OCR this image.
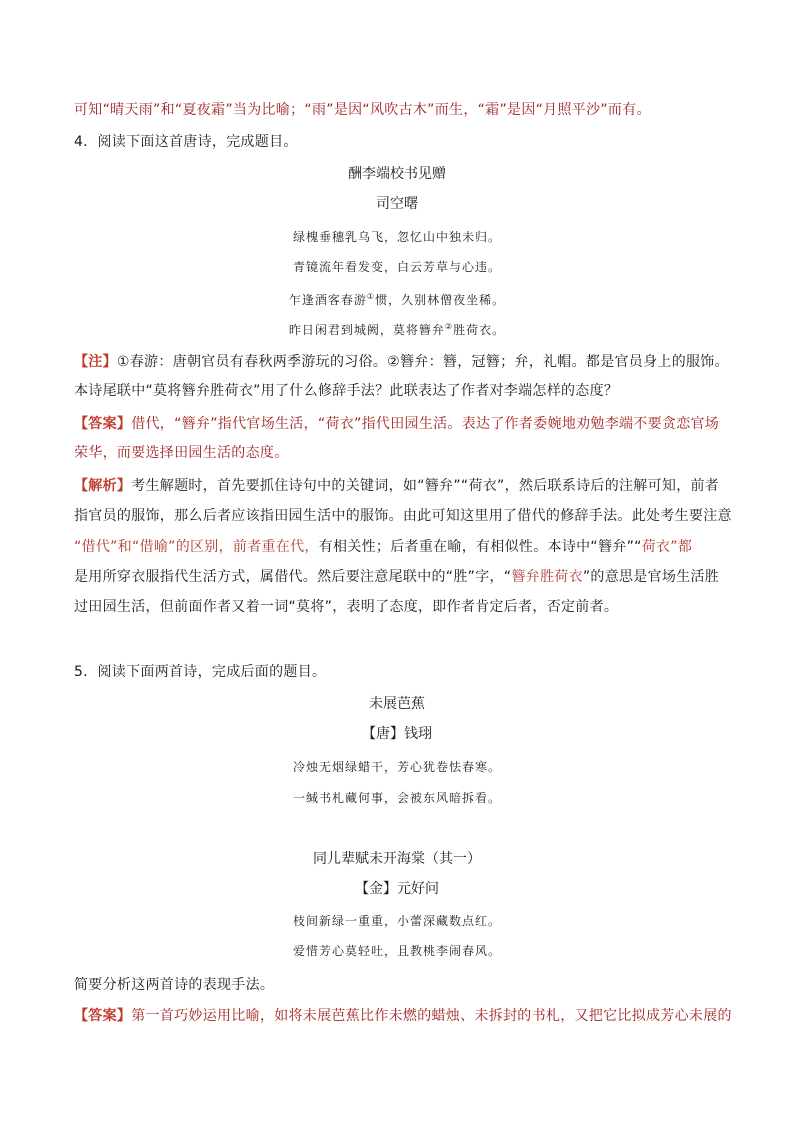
可知“晴天雨”和“夏夜霜”当为比喻；“雨”是因“风吹古木”而生，“霜”是因“月照平沙”而有。
4．阅读下面这首唐诗，完成题目。
酬李端校书见赠
司空曙
绿槐垂穗乳乌飞，忽忆山中独未归。
青镜流年看发变，白云芳草与心违。
乍逢酒客春游①惯，久别林僧夜坐稀。
昨日闲君到城阙，莫将簪弁②胜荷衣。
【注】①春游：唐朝官员有春秋两季游玩的习俗。②簪弁：簪，冠簪；弁，礼帽。都是官员身上的服饰。
本诗尾联中“莫将簪弁胜荷衣”用了什么修辞手法？此联表达了作者对李端怎样的态度？
【答案】借代，“簪弁”指代官场生活，“荷衣”指代田园生活。表达了作者委婉地劝勉李端不要贪恋官场
荣华，而要选择田园生活的态度。
【解析】考生解题时，首先要抓住诗句中的关键词，如“簪弁”“荷衣”，然后联系诗后的注解可知，前者
指官员的服饰，那么后者应该指田园生活中的服饰。由此可知这里用了借代的修辞手法。此处考生要注意
“借代”和“借喻”的区别，前者重在代，有相关性；后者重在喻，有相似性。本诗中“簪弁”“荷衣”都
是用所穿衣服指代生活方式，属借代。然后要注意尾联中的“胜”字，“簪弁胜荷衣”的意思是官场生活胜
过田园生活，但前面作者又着一词“莫将”，表明了态度，即作者肯定后者，否定前者。
5．阅读下面两首诗，完成后面的题目。
未展芭蕉
【唐】钱珝
冷烛无烟绿蜡干，芳心犹卷怯春寒。
一缄书札藏何事，会被东风暗拆看。
同儿辈赋未开海棠（其一）
【金】元好问
枝间新绿一重重，小蕾深藏数点红。
爱惜芳心莫轻吐，且教桃李闹春风。
简要分析这两首诗的表现手法。
【答案】第一首巧妙运用比喻，如将未展芭蕉比作未燃的蜡烛、未拆封的书札，又把它比拟成芳心未展的
